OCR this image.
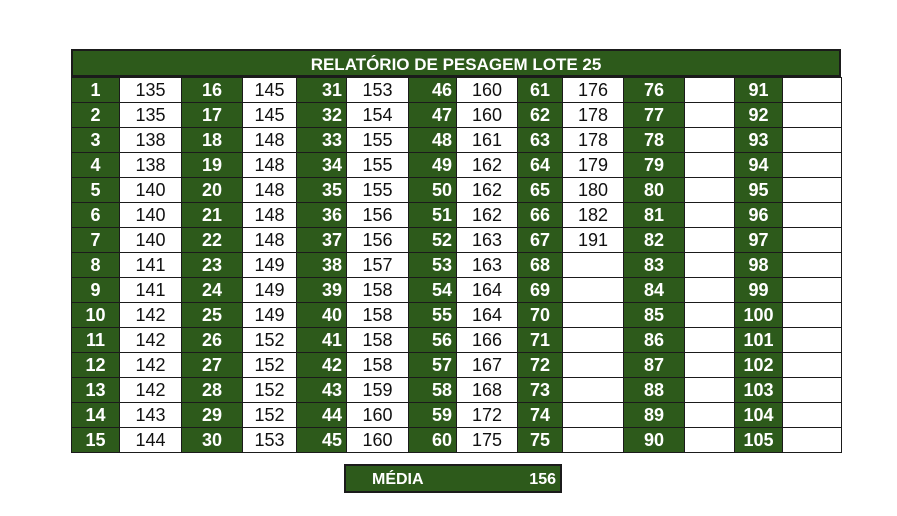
RELATÓRIO DE PESAGEM LOTE 25
1	135	16	145	31	153	46	160	61	176	76		91	
2	135	17	145	32	154	47	160	62	178	77		92	
3	138	18	148	33	155	48	161	63	178	78		93	
4	138	19	148	34	155	49	162	64	179	79		94	
5	140	20	148	35	155	50	162	65	180	80		95	
6	140	21	148	36	156	51	162	66	182	81		96	
7	140	22	148	37	156	52	163	67	191	82		97	
8	141	23	149	38	157	53	163	68		83		98	
9	141	24	149	39	158	54	164	69		84		99	
10	142	25	149	40	158	55	164	70		85		100	
11	142	26	152	41	158	56	166	71		86		101	
12	142	27	152	42	158	57	167	72		87		102	
13	142	28	152	43	159	58	168	73		88		103	
14	143	29	152	44	160	59	172	74		89		104	
15	144	30	153	45	160	60	175	75		90		105	
MÉDIA	156
